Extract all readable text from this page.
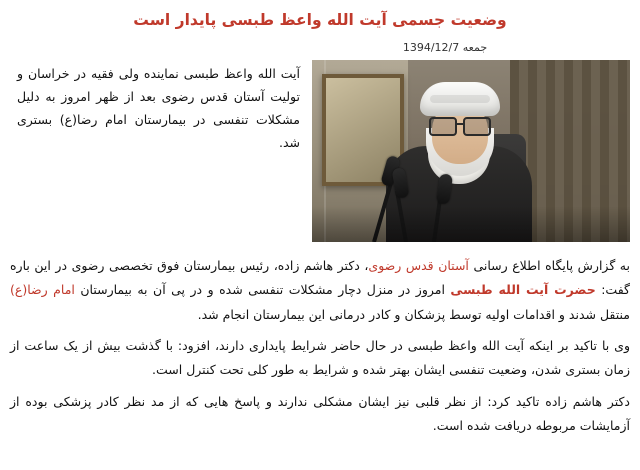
وضعیت جسمی آیت الله واعظ طبسی پایدار است
جمعه 1394/12/7

آیت الله واعظ طبسی نماینده ولی فقیه در خراسان و تولیت آستان قدس رضوی بعد از ظهر امروز به دلیل مشکلات تنفسی در بیمارستان امام رضا(ع) بستری شد.

به گزارش پایگاه اطلاع رسانی آستان قدس رضوی، دکتر هاشم زاده، رئیس بیمارستان فوق تخصصی رضوی در این باره گفت: حضرت آیت الله طبسی امروز در منزل دچار مشکلات تنفسی شده و در پی آن به بیمارستان امام رضا(ع) منتقل شدند و اقدامات اولیه توسط پزشکان و کادر درمانی این بیمارستان انجام شد.

وی با تاکید بر اینکه آیت الله واعظ طبسی در حال حاضر شرایط پایداری دارند، افزود: با گذشت بیش از یک ساعت از زمان بستری شدن، وضعیت تنفسی ایشان بهتر شده و شرایط به طور کلی تحت کنترل است.

دکتر هاشم زاده تاکید کرد: از نظر قلبی نیز ایشان مشکلی ندارند و پاسخ هایی که از مد نظر کادر پزشکی بوده از آزمایشات مربوطه دریافت شده است.
